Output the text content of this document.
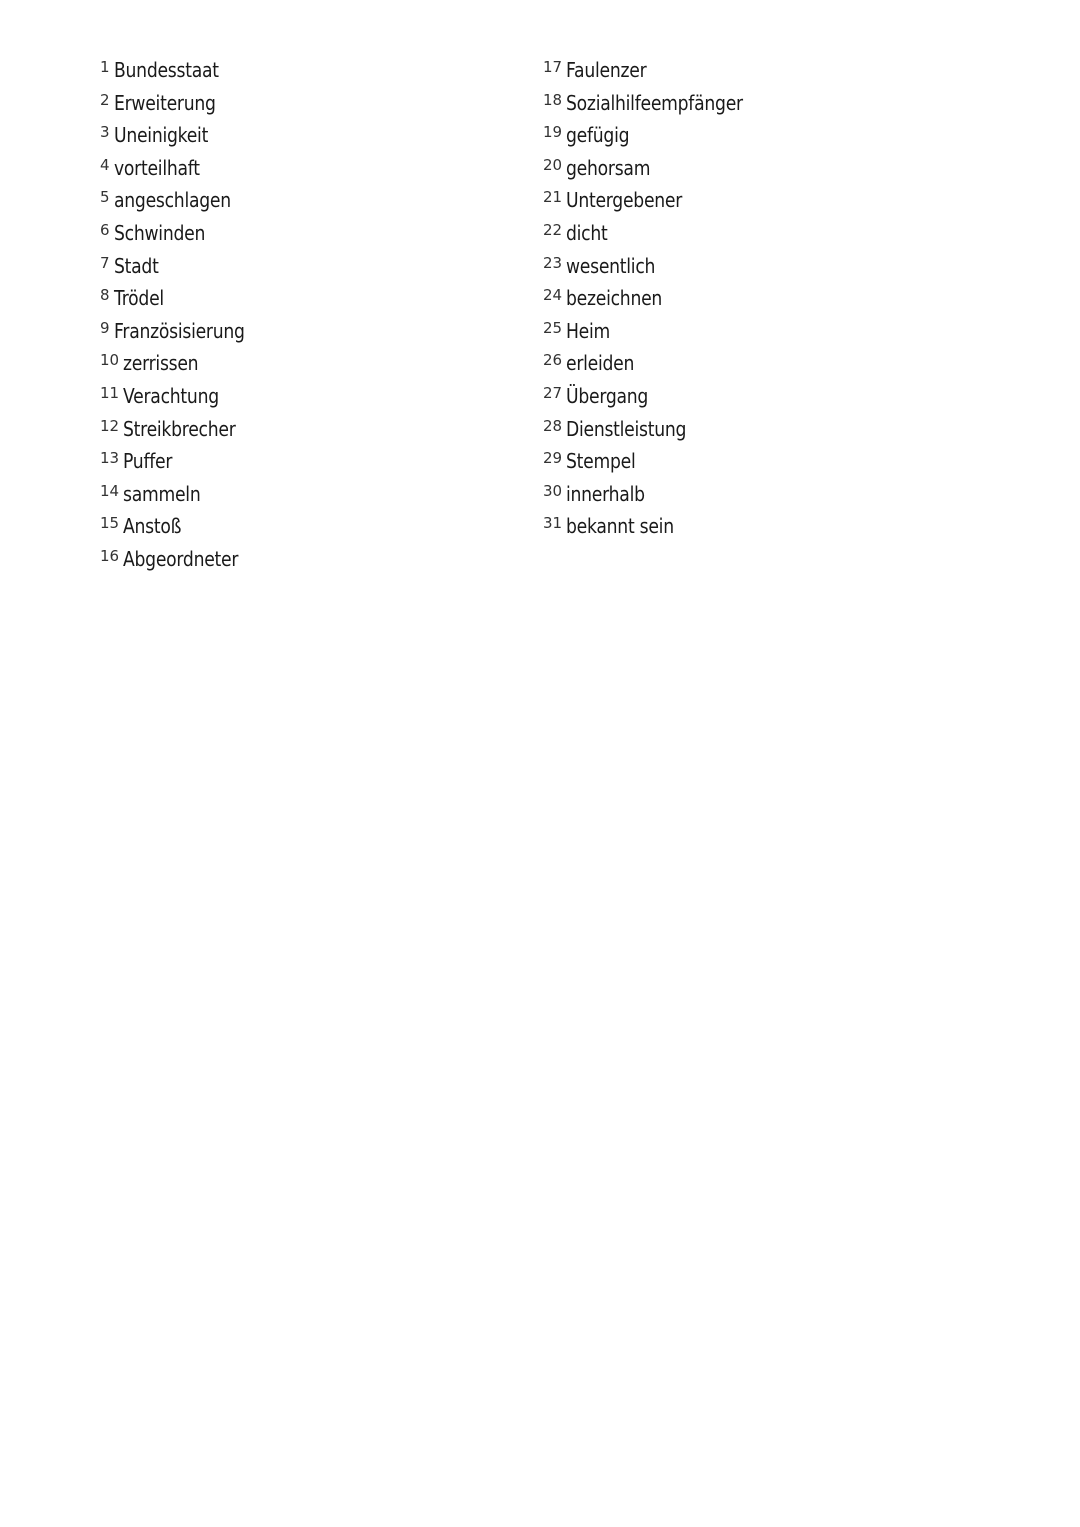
1 Bundesstaat
2 Erweiterung
3 Uneinigkeit
4 vorteilhaft
5 angeschlagen
6 Schwinden
7 Stadt
8 Trödel
9 Französisierung
10 zerrissen
11 Verachtung
12 Streikbrecher
13 Puffer
14 sammeln
15 Anstoß
16 Abgeordneter
17 Faulenzer
18 Sozialhilfeempfänger
19 gefügig
20 gehorsam
21 Untergebener
22 dicht
23 wesentlich
24 bezeichnen
25 Heim
26 erleiden
27 Übergang
28 Dienstleistung
29 Stempel
30 innerhalb
31 bekannt sein
